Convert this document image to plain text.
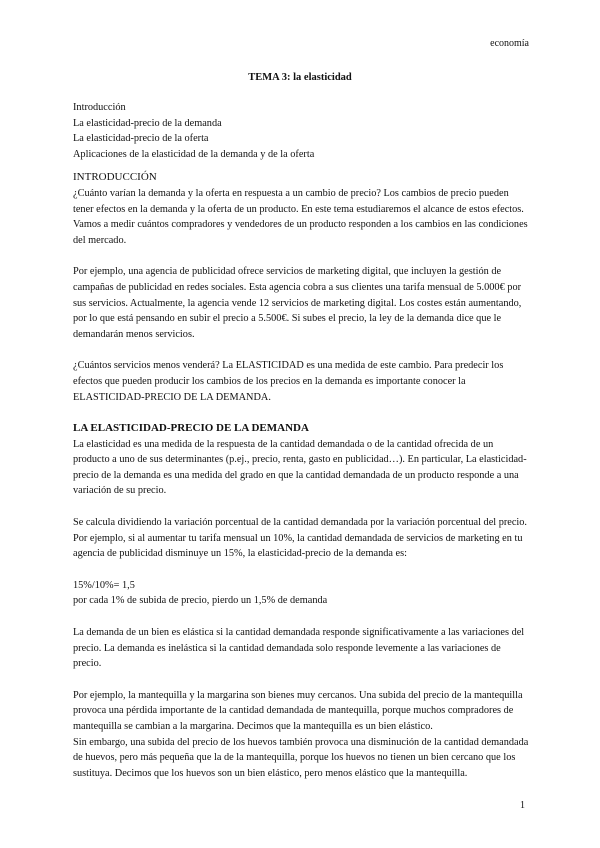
economía
TEMA 3: la elasticidad
Introducción
La elasticidad-precio de la demanda
La elasticidad-precio de la oferta
Aplicaciones de la elasticidad de la demanda y de la oferta

INTRODUCCIÓN

¿Cuánto varían la demanda y la oferta en respuesta a un cambio de precio? Los cambios de precio pueden tener efectos en la demanda y la oferta de un producto. En este tema estudiaremos el alcance de estos efectos. Vamos a medir cuántos compradores y vendedores de un producto responden a los cambios en las condiciones del mercado.

Por ejemplo, una agencia de publicidad ofrece servicios de marketing digital, que incluyen la gestión de campañas de publicidad en redes sociales. Esta agencia cobra a sus clientes una tarifa mensual de 5.000€ por sus servicios. Actualmente, la agencia vende 12 servicios de marketing digital. Los costes están aumentando, por lo que está pensando en subir el precio a 5.500€. Si subes el precio, la ley de la demanda dice que le demandarán menos servicios.

¿Cuántos servicios menos venderá? La ELASTICIDAD es una medida de este cambio. Para predecir los efectos que pueden producir los cambios de los precios en la demanda es importante conocer la ELASTICIDAD-PRECIO DE LA DEMANDA.

LA ELASTICIDAD-PRECIO DE LA DEMANDA

La elasticidad es una medida de la respuesta de la cantidad demandada o de la cantidad ofrecida de un producto a uno de sus determinantes (p.ej., precio, renta, gasto en publicidad…). En particular, La elasticidad-precio de la demanda es una medida del grado en que la cantidad demandada de un producto responde a una variación de su precio.

Se calcula dividiendo la variación porcentual de la cantidad demandada por la variación porcentual del precio. Por ejemplo, si al aumentar tu tarifa mensual un 10%, la cantidad demandada de servicios de marketing en tu agencia de publicidad disminuye un 15%, la elasticidad-precio de la demanda es:

15%/10%= 1,5

por cada 1% de subida de precio, pierdo un 1,5% de demanda

La demanda de un bien es elástica si la cantidad demandada responde significativamente a las variaciones del precio. La demanda es inelástica si la cantidad demandada solo responde levemente a las variaciones de precio.

Por ejemplo, la mantequilla y la margarina son bienes muy cercanos. Una subida del precio de la mantequilla provoca una pérdida importante de la cantidad demandada de mantequilla, porque muchos compradores de mantequilla se cambian a la margarina. Decimos que la mantequilla es un bien elástico.

Sin embargo, una subida del precio de los huevos también provoca una disminución de la cantidad demandada de huevos, pero más pequeña que la de la mantequilla, porque los huevos no tienen un bien cercano que los sustituya. Decimos que los huevos son un bien elástico, pero menos elástico que la mantequilla.

1
